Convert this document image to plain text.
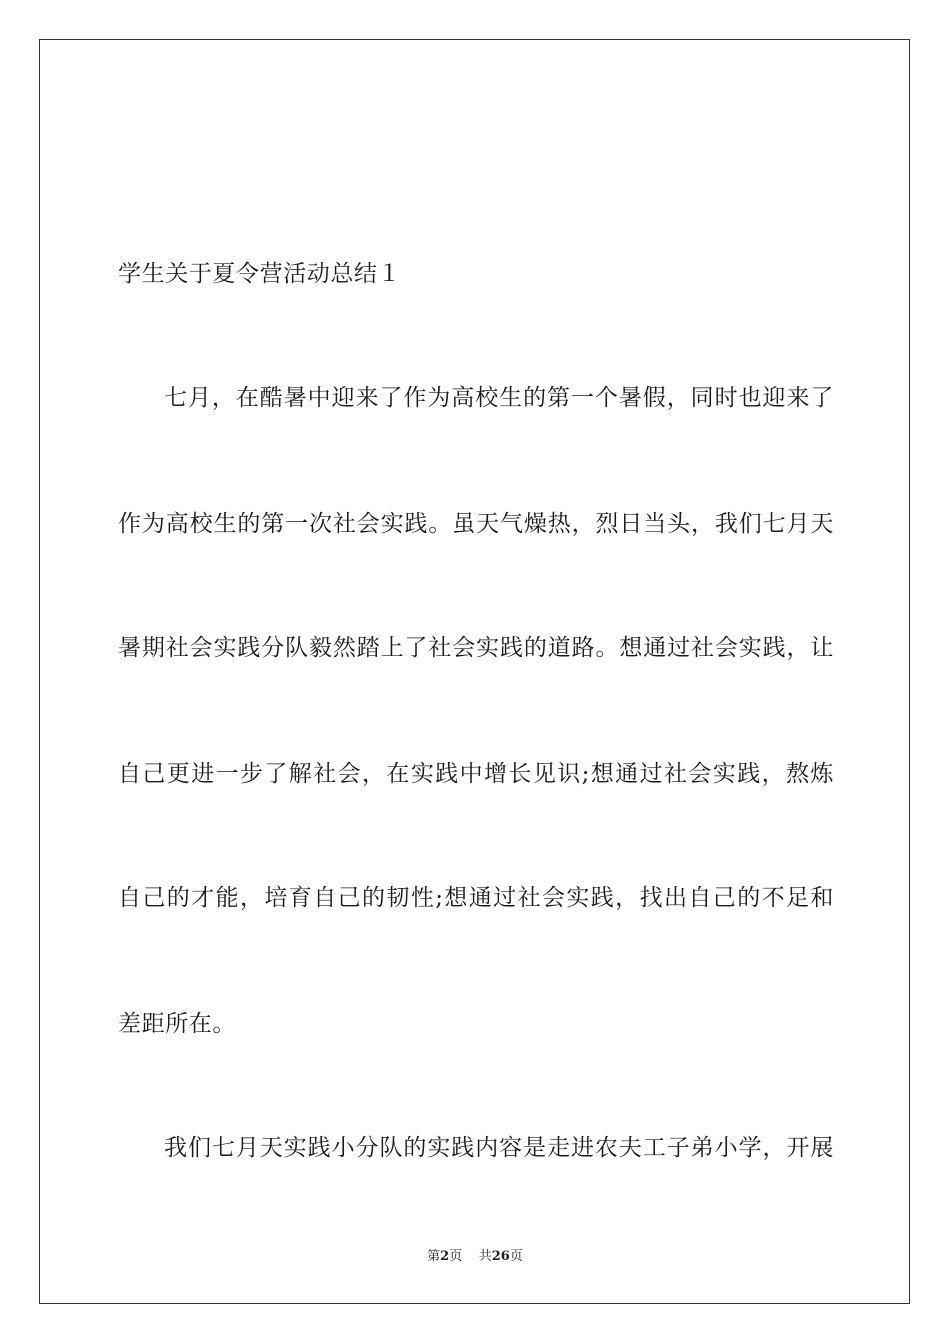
学生关于夏令营活动总结１
七月，在酷暑中迎来了作为高校生的第一个暑假，同时也迎来了
作为高校生的第一次社会实践。虽天气燥热，烈日当头，我们七月天
暑期社会实践分队毅然踏上了社会实践的道路。想通过社会实践，让
自己更进一步了解社会，在实践中增长见识;想通过社会实践，熬炼
自己的才能，培育自己的韧性;想通过社会实践，找出自己的不足和
差距所在。
我们七月天实践小分队的实践内容是走进农夫工子弟小学，开展
第2页 共26页
